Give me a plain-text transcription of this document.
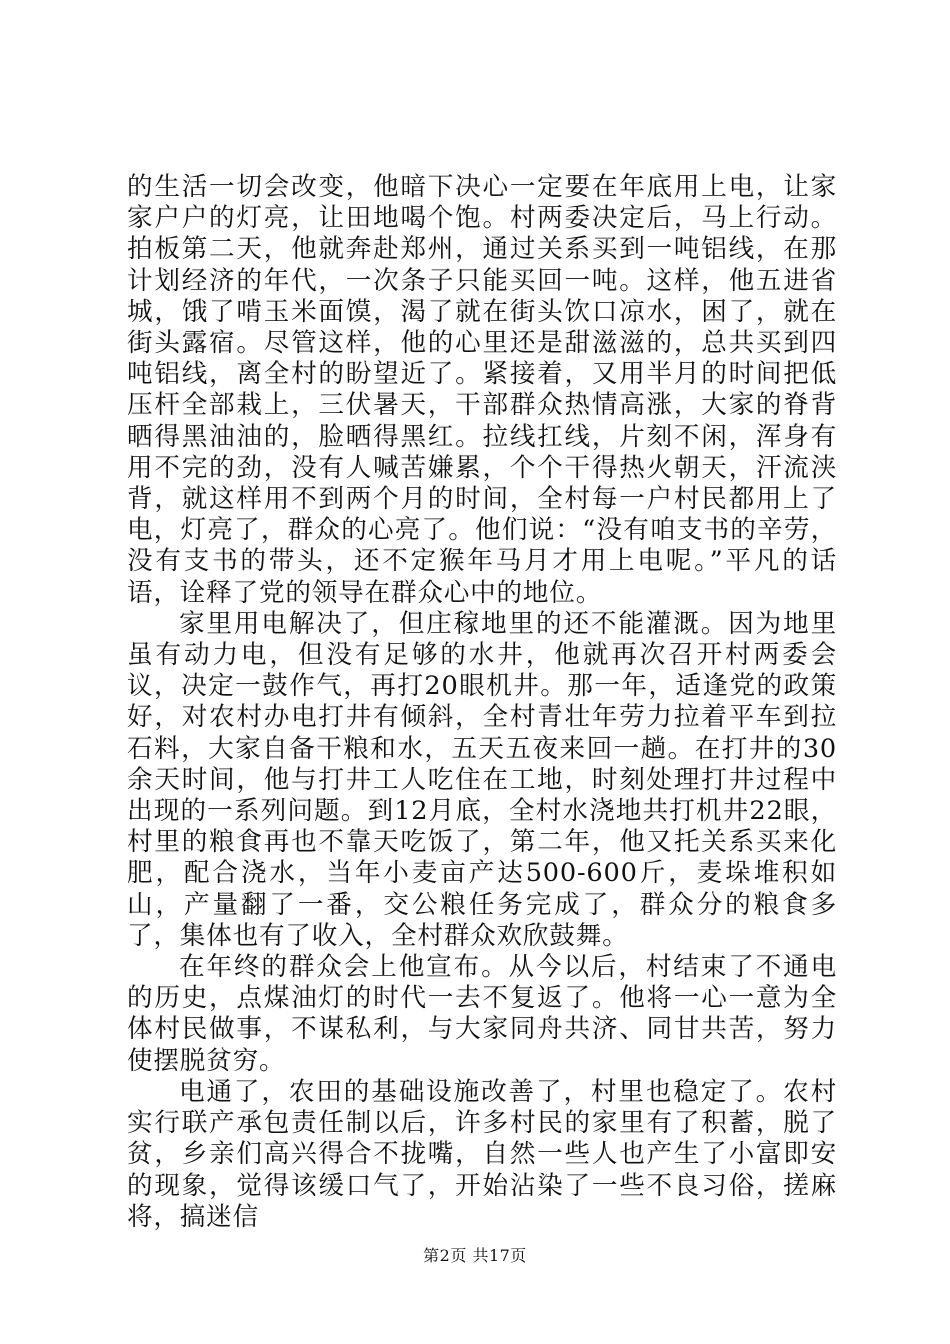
的生活一切会改变，他暗下决心一定要在年底用上电，让家家户户的灯亮，让田地喝个饱。村两委决定后，马上行动。拍板第二天，他就奔赴郑州，通过关系买到一吨铝线，在那计划经济的年代，一次条子只能买回一吨。这样，他五进省城，饿了啃玉米面馍，渴了就在街头饮口凉水，困了，就在街头露宿。尽管这样，他的心里还是甜滋滋的，总共买到四吨铝线，离全村的盼望近了。紧接着，又用半月的时间把低压杆全部栽上，三伏暑天，干部群众热情高涨，大家的脊背晒得黑油油的，脸晒得黑红。拉线扛线，片刻不闲，浑身有用不完的劲，没有人喊苦嫌累，个个干得热火朝天，汗流浃背，就这样用不到两个月的时间，全村每一户村民都用上了电，灯亮了，群众的心亮了。他们说：“没有咱支书的辛劳，没有支书的带头，还不定猴年马月才用上电呢。”平凡的话语，诠释了党的领导在群众心中的地位。

家里用电解决了，但庄稼地里的还不能灌溉。因为地里虽有动力电，但没有足够的水井，他就再次召开村两委会议，决定一鼓作气，再打20眼机井。那一年，适逢党的政策好，对农村办电打井有倾斜，全村青壮年劳力拉着平车到拉石料，大家自备干粮和水，五天五夜来回一趟。在打井的30余天时间，他与打井工人吃住在工地，时刻处理打井过程中出现的一系列问题。到12月底，全村水浇地共打机井22眼，村里的粮食再也不靠天吃饭了，第二年，他又托关系买来化肥，配合浇水，当年小麦亩产达500-600斤，麦垛堆积如山，产量翻了一番，交公粮任务完成了，群众分的粮食多了，集体也有了收入，全村群众欢欣鼓舞。

在年终的群众会上他宣布。从今以后，村结束了不通电的历史，点煤油灯的时代一去不复返了。他将一心一意为全体村民做事，不谋私利，与大家同舟共济、同甘共苦，努力使摆脱贫穷。

电通了，农田的基础设施改善了，村里也稳定了。农村实行联产承包责任制以后，许多村民的家里有了积蓄，脱了贫，乡亲们高兴得合不拢嘴，自然一些人也产生了小富即安的现象，觉得该缓口气了，开始沾染了一些不良习俗，搓麻将，搞迷信

第2页 共17页
